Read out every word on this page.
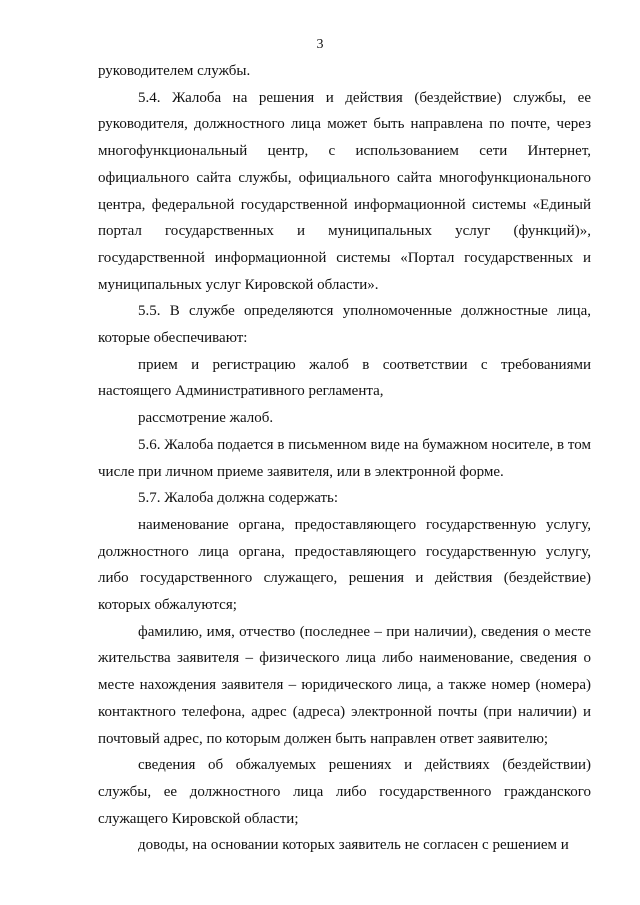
3

руководителем службы.

5.4. Жалоба на решения и действия (бездействие) службы, ее руководителя, должностного лица может быть направлена по почте, через многофункциональный центр, с использованием сети Интернет, официального сайта службы, официального сайта многофункционального центра, федеральной государственной информационной системы «Единый портал государственных и муниципальных услуг (функций)», государственной информационной системы «Портал государственных и муниципальных услуг Кировской области».

5.5. В службе определяются уполномоченные должностные лица, которые обеспечивают:

прием и регистрацию жалоб в соответствии с требованиями настоящего Административного регламента,

рассмотрение жалоб.

5.6. Жалоба подается в письменном виде на бумажном носителе, в том числе при личном приеме заявителя, или в электронной форме.

5.7. Жалоба должна содержать:

наименование органа, предоставляющего государственную услугу, должностного лица органа, предоставляющего государственную услугу, либо государственного служащего, решения и действия (бездействие) которых обжалуются;

фамилию, имя, отчество (последнее – при наличии), сведения о месте жительства заявителя – физического лица либо наименование, сведения о месте нахождения заявителя – юридического лица, а также номер (номера) контактного телефона, адрес (адреса) электронной почты (при наличии) и почтовый адрес, по которым должен быть направлен ответ заявителю;

сведения об обжалуемых решениях и действиях (бездействии) службы, ее должностного лица либо государственного гражданского служащего Кировской области;

доводы, на основании которых заявитель не согласен с решением и
